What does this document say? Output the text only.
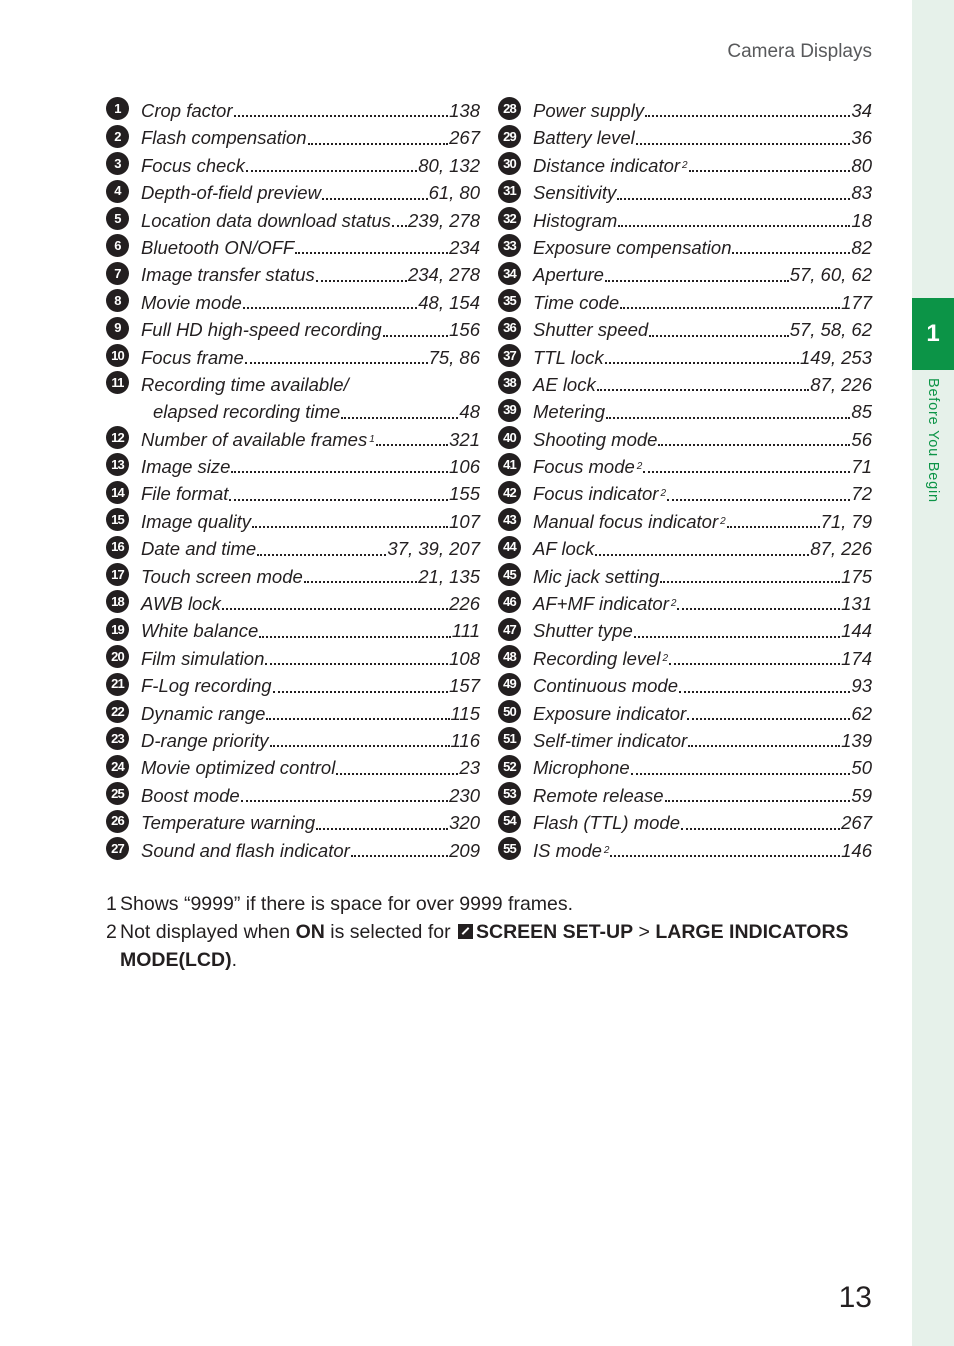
1
Before You Begin
Camera Displays
1	Crop factor	138
2	Flash compensation	267
3	Focus check	80, 132
4	Depth-of-field preview	61, 80
5	Location data download status 239, 278
6	Bluetooth ON/OFF	234
7	Image transfer status	234, 278
8	Movie mode	48, 154
9	Full HD high-speed recording	156
10 Focus frame	75, 86
11 Recording time available/
elapsed recording time	48
12 Number of available frames 1	321
13 Image size	106
14 File format	155
15 Image quality	107
16 Date and time	37, 39, 207
17 Touch screen mode	21, 135
18 AWB lock	226
19 White balance	111
20 Film simulation	108
21 F-Log recording	157
22 Dynamic range	115
23 D-range priority	116
24 Movie optimized control	23
25 Boost mode	230
26 Temperature warning	320
27 Sound and flash indicator	209
28 Power supply	34
29 Battery level	36
30 Distance indicator 2	80
31 Sensitivity	83
32 Histogram	18
33 Exposure compensation	82
34 Aperture	57, 60, 62
35 Time code	177
36 Shutter speed	57, 58, 62
37 TTL lock	149, 253
38 AE lock	87, 226
39 Metering	85
40 Shooting mode	56
41 Focus mode 2	71
42 Focus indicator 2	72
43 Manual focus indicator 2	71, 79
44 AF lock	87, 226
45 Mic jack setting	175
46 AF+MF indicator 2	131
47 Shutter type	144
48 Recording level 2	174
49 Continuous mode	93
50 Exposure indicator	62
51 Self-timer indicator	139
52 Microphone	50
53 Remote release	59
54 Flash (TTL) mode	267
55 IS mode 2	146
1 Shows “9999” if there is space for over 9999 frames.
2 Not displayed when ON is selected for SCREEN SET-UP > LARGE INDICATORS MODE(LCD).
13
